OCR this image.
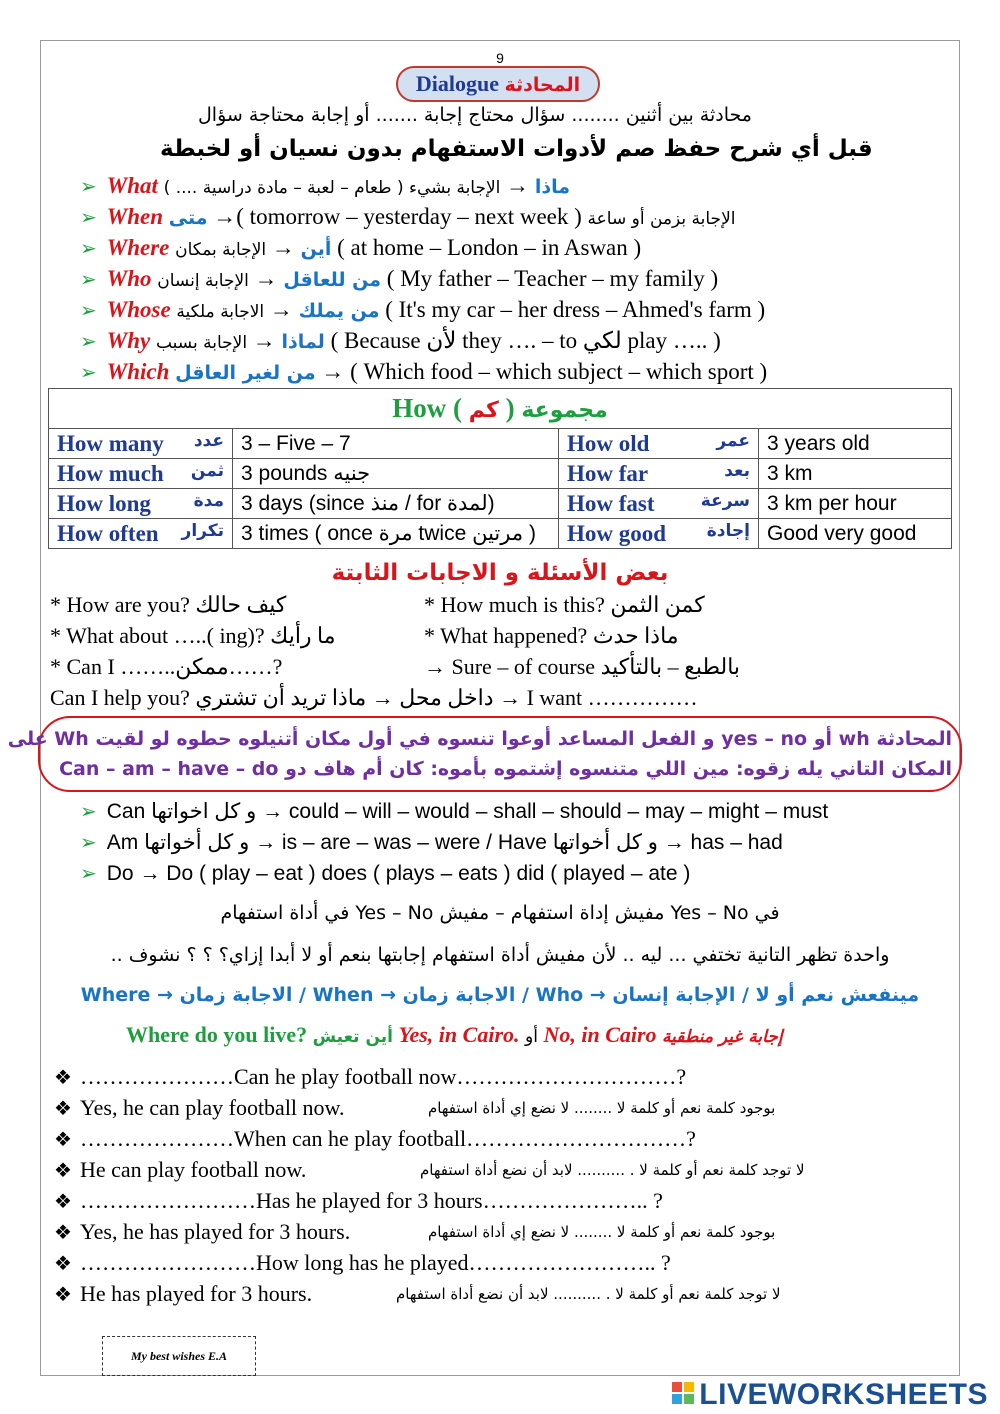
9
Dialogue المحادثة
محادثة بين أثنين ........ سؤال محتاج إجابة ....... أو إجابة محتاجة سؤال
قبل أي شرح حفظ صم لأدوات الاستفهام بدون نسيان أو لخبطة
➢ What	ماذا → الإجابة بشيء ( طعام – لعبة – مادة دراسية .... )
➢ When متى →( tomorrow – yesterday – next week ) الإجابة بزمن أو ساعة
➢ Where	أين → الإجابة بمكان	( at home – London – in Aswan )
➢ Who	من للعاقل → الإجابة إنسان	( My father – Teacher – my family )
➢ Whose	من يملك → الاجابة ملكية	( It's my car – her dress – Ahmed's farm )
➢ Why	لماذا → الإجابة بسبب	( Because لأن they …. – to لكي play ….. )
➢ Which من لغير العاقل → ( Which food – which subject – which sport )
How ( كم ) مجموعة			
How many عدد	3 – Five – 7	How old عمر	3 years old
How much ثمن	3 pounds جنيه	How far بعد	3 km
How long مدة	3 days (since منذ / for لمدة)	How fast سرعة	3 km per hour
How often تكرار	3 times ( once مرة twice مرتين )	How good إجادة	Good very good
بعض الأسئلة و الاجابات الثابتة
* How are you? كيف حالك	* How much is this? كمن الثمن
* What about …..( ing)? ما رأيك	* What happened? ماذا حدث
* Can I ……..ممكن……?	→ Sure – of course بالطبع – بالتأكيد
Can I help you? داخل محل → ماذا تريد أن تشتري → I want ……………
المحادثة wh أو yes – no و الفعل المساعد أوعوا تنسوه في أول مكان أتنيلوه حطوه لو لقيت Wh على
المكان التاني يله زقوه: مين اللي متنسوه إشتموه بأموه: كان أم هاف دو Can – am – have – do
➢ Can و كل اخواتها → could – will – would – shall – should – may – might – must
➢ Am و كل أخواتها → is – are – was – were / Have و كل أخواتها → has – had
➢ Do → Do ( play – eat ) does ( plays – eats ) did ( played – ate )
في Yes – No مفيش إداة استفهام – مفيش Yes – No في أداة استفهام
واحدة تظهر التانية تختفي ... ليه .. لأن مفيش أداة استفهام إجابتها بنعم أو لا أبدا إزاي؟ ؟ ؟ نشوف ..
مينفعش نعم أو لا / الإجابة إنسان → Who / الاجابة زمان → When / الاجابة زمان → Where
Where do you live? أين تعيش Yes, in Cairo. أو No, in Cairo إجابة غير منطقية
❖ …………………Can he play football now…………………………?
❖ Yes, he can play football now.	بوجود كلمة نعم أو كلمة لا ........ لا نضع إي أداة استفهام
❖ …………………When can he play football…………………………?
❖ He can play football now.	لا توجد كلمة نعم أو كلمة لا . .......... لابد أن نضع أداة استفهام
❖ ……………………Has he played for 3 hours………………….. ?
❖ Yes, he has played for 3 hours.	بوجود كلمة نعم أو كلمة لا ........ لا نضع إي أداة استفهام
❖ ……………………How long has he played…………………….. ?
❖ He has played for 3 hours.	لا توجد كلمة نعم أو كلمة لا . .......... لابد أن نضع أداة استفهام
My best wishes E.A
LIVEWORKSHEETS
